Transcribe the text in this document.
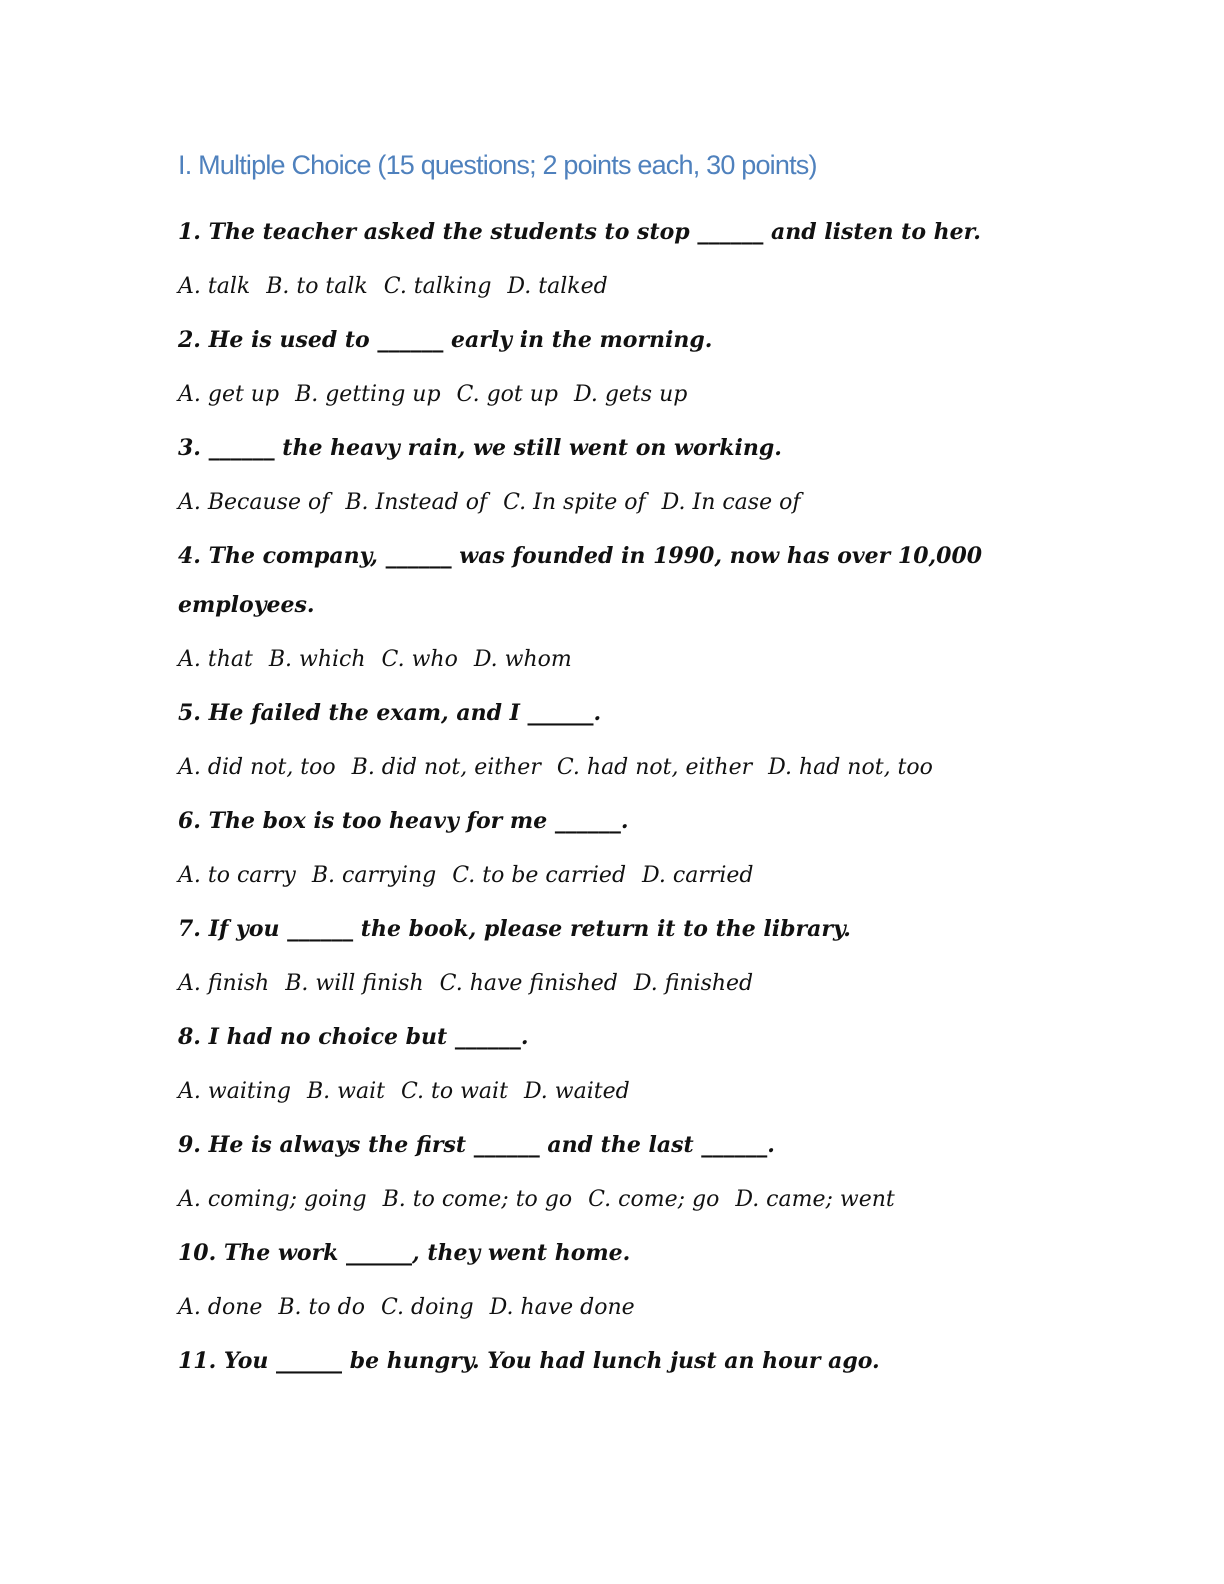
I. Multiple Choice (15 questions; 2 points each, 30 points)
1. The teacher asked the students to stop ______ and listen to her.
A. talk B. to talk C. talking D. talked
2. He is used to ______ early in the morning.
A. get up B. getting up C. got up D. gets up
3. ______ the heavy rain, we still went on working.
A. Because of B. Instead of C. In spite of D. In case of
4. The company, ______ was founded in 1990, now has over 10,000 employees.
A. that B. which C. who D. whom
5. He failed the exam, and I ______.
A. did not, too B. did not, either C. had not, either D. had not, too
6. The box is too heavy for me ______.
A. to carry B. carrying C. to be carried D. carried
7. If you ______ the book, please return it to the library.
A. finish B. will finish C. have finished D. finished
8. I had no choice but ______.
A. waiting B. wait C. to wait D. waited
9. He is always the first ______ and the last ______.
A. coming; going B. to come; to go C. come; go D. came; went
10. The work ______, they went home.
A. done B. to do C. doing D. have done
11. You ______ be hungry. You had lunch just an hour ago.
